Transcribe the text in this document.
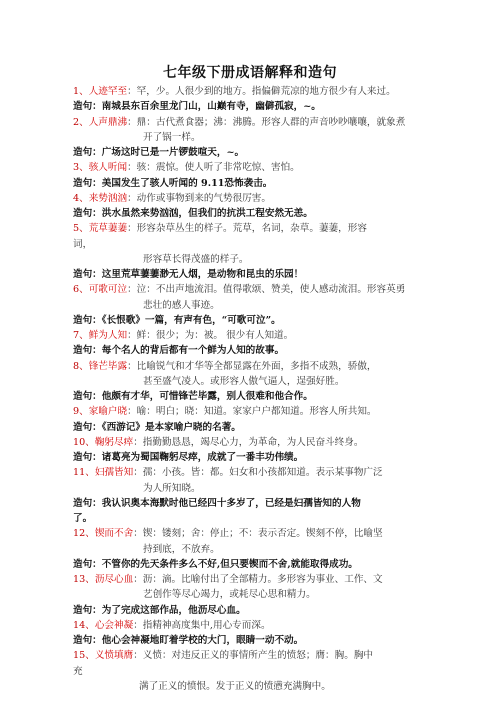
七年级下册成语解释和造句
1、人迹罕至：罕，少。人很少到的地方。指偏僻荒凉的地方很少有人来过。
造句：南城县东百余里龙门山，山巅有寺，幽僻孤寂，~。
2、人声鼎沸：鼎：古代煮食器；沸：沸腾。形容人群的声音吵吵嚷嚷，就象煮
开了锅一样。
造句：广场这时已是一片锣鼓喧天，~。
3、骇人听闻：骇：震惊。使人听了非常吃惊、害怕。
造句：美国发生了骇人听闻的 9.11恐怖袭击。
4、来势汹汹：动作或事物到来的气势很厉害。
造句：洪水虽然来势汹汹，但我们的抗洪工程安然无恙。
5、荒草萋萋：形容杂草丛生的样子。荒草，名词，杂草。萋萋，形容
词，
形容草长得茂盛的样子。
造句：这里荒草萋萋渺无人烟，是动物和昆虫的乐园！
6、可歌可泣：泣：不出声地流泪。值得歌颂、赞美，使人感动流泪。形容英勇
悲壮的感人事迹。
造句：《长恨歌》一篇，有声有色，“可歌可泣”。
7、鲜为人知：鲜：很少；为：被。 很少有人知道。
造句：每个名人的背后都有一个鲜为人知的故事。
8、锋芒毕露：比喻锐气和才华等全都显露在外面，多指不成熟，骄傲，
甚至盛气凌人。或形容人傲气逼人，逞强好胜。
造句：他颇有才华，可惜锋芒毕露，别人很难和他合作。
9、家喻户晓：喻：明白；晓：知道。家家户户都知道。形容人所共知。
造句：《西游记》是本家喻户晓的名著。
10、鞠躬尽瘁：指勤勤恳恳，竭尽心力，为革命，为人民奋斗终身。
造句：诸葛亮为蜀国鞠躬尽瘁，成就了一番丰功伟绩。
11、妇孺皆知：孺：小孩。皆：都。妇女和小孩都知道。表示某事物广泛
为人所知晓。
造句：我认识奥本海默时他已经四十多岁了，已经是妇孺皆知的人物
了。
12、锲而不舍：锲：镂刻；舍：停止；不：表示否定。锲刻不停，比喻坚
持到底，不放弃。
造句：不管你的先天条件多么不好,但只要锲而不舍,就能取得成功。
13、沥尽心血：沥：滴。比喻付出了全部精力。多形容为事业、工作、文
艺创作等尽心竭力，或耗尽心思和精力。
造句：为了完成这部作品，他沥尽心血。
14、心会神凝：指精神高度集中,用心专而深。
造句：他心会神凝地盯着学校的大门，眼睛一动不动。
15、义愤填膺：义愤：对违反正义的事情所产生的愤怒；膺：胸。胸中
充
满了正义的愤恨。发于正义的愤懑充满胸中。
